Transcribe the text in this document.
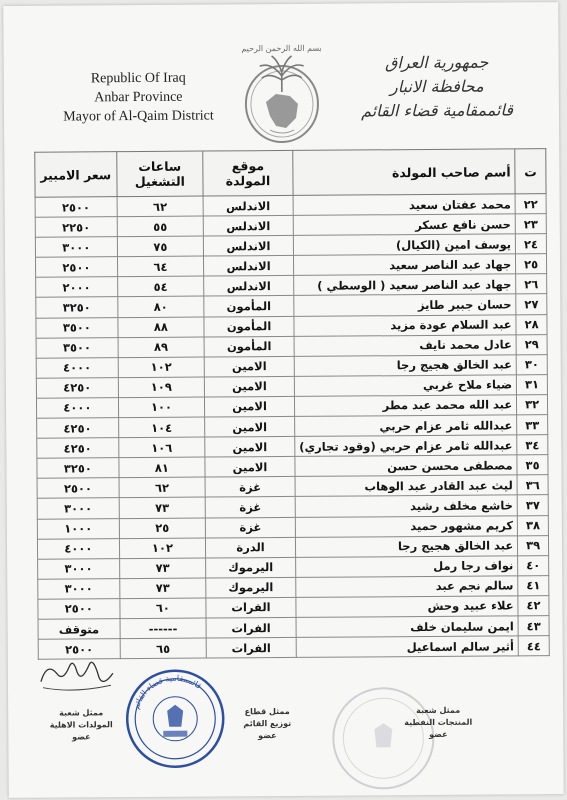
Republic Of Iraq
Anbar Province
Mayor of Al-Qaim District
بسم الله الرحمن الرحيم
جمهورية العراق
محافظة الانبار
قائممقامية قضاء القائم
ت	أسم صاحب المولدة	موقع المولدة	ساعات التشغيل	سعر الامبير
٢٢	محمد عفتان سعيد	الاندلس	٦٢	٢٥٠٠
٢٣	حسن نافع عسكر	الاندلس	٥٥	٢٢٥٠
٢٤	يوسف امين (الكيال)	الاندلس	٧٥	٣٠٠٠
٢٥	جهاد عبد الناصر سعيد	الاندلس	٦٤	٢٥٠٠
٢٦	جهاد عبد الناصر سعيد ( الوسطي )	الاندلس	٥٤	٢٠٠٠
٢٧	حسان جبير طايز	المأمون	٨٠	٣٢٥٠
٢٨	عبد السلام عودة مزيد	المأمون	٨٨	٣٥٠٠
٢٩	عادل محمد نايف	المأمون	٨٩	٣٥٠٠
٣٠	عبد الخالق هجيج رجا	الامين	١٠٢	٤٠٠٠
٣١	ضياء ملاح غربي	الامين	١٠٩	٤٢٥٠
٣٢	عبد الله محمد عبد مطر	الامين	١٠٠	٤٠٠٠
٣٣	عبدالله ثامر عزام حربي	الامين	١٠٤	٤٢٥٠
٣٤	عبدالله ثامر عزام حربي (وقود تجاري)	الامين	١٠٦	٤٢٥٠
٣٥	مصطفى محسن حسن	الامين	٨١	٣٢٥٠
٣٦	ليث عبد القادر عبد الوهاب	غزة	٦٢	٢٥٠٠
٣٧	خاشع مخلف رشيد	غزة	٧٣	٣٠٠٠
٣٨	كريم مشهور حميد	غزة	٢٥	١٠٠٠
٣٩	عبد الخالق هجيج رجا	الدرة	١٠٢	٤٠٠٠
٤٠	نواف رجا رمل	اليرموك	٧٣	٣٠٠٠
٤١	سالم نجم عبد	اليرموك	٧٣	٣٠٠٠
٤٢	علاء عبيد وحش	الفرات	٦٠	٢٥٠٠
٤٣	ايمن سليمان خلف	الفرات	------	متوقف
٤٤	أثير سالم اسماعيل	الفرات	٦٥	٢٥٠٠
ممثل شعبة
المولدات الاهلية
عضو
قائممقامية قضاء القائم
ممثل قطاع
توزيع القائم
عضو
ممثل شعبة
المنتجات النفطية
عضو
